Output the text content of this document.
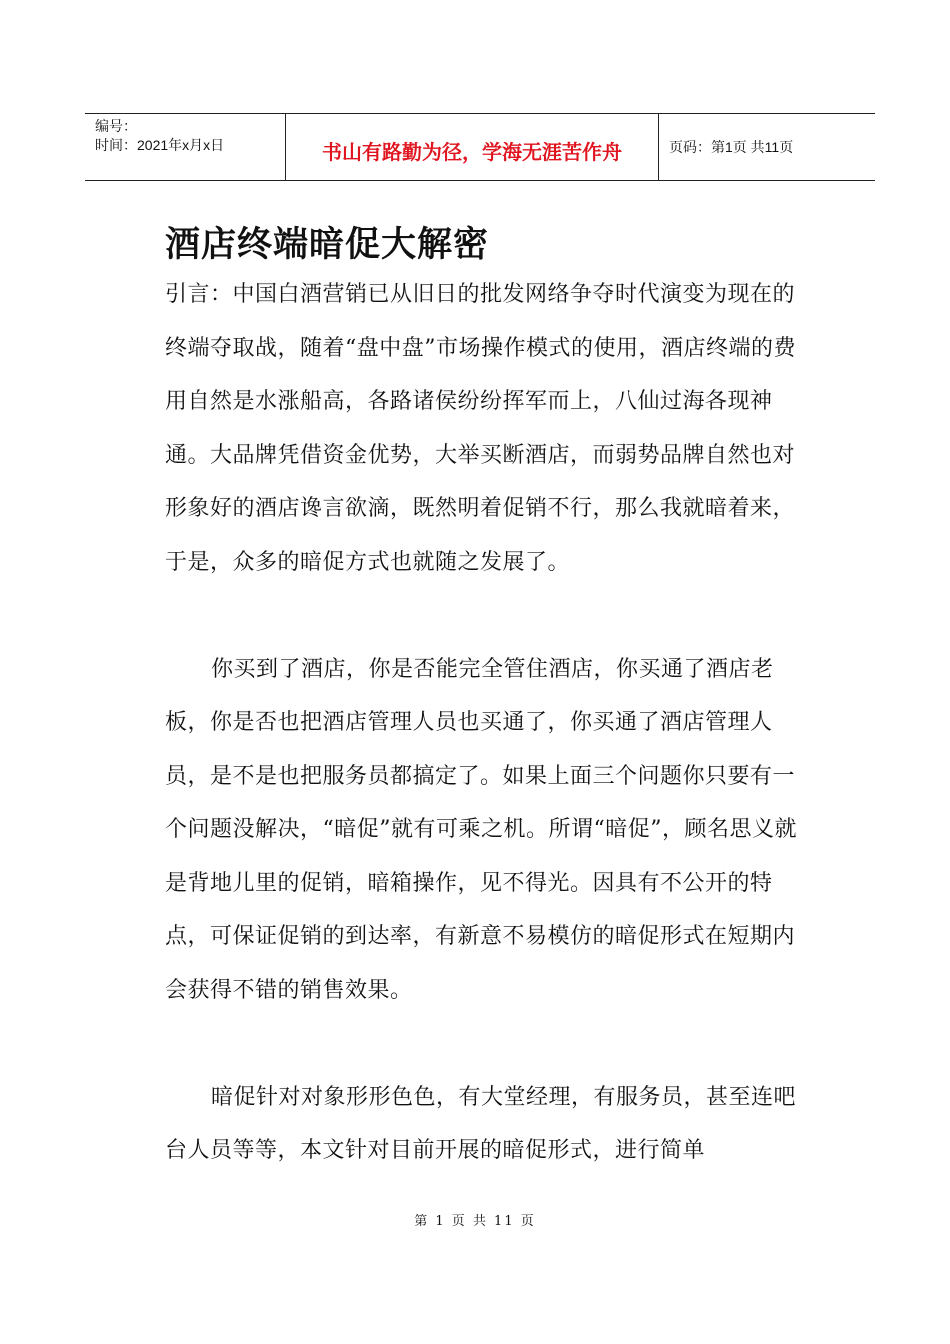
编号：
时间：2021年x月x日	书山有路勤为径，学海无涯苦作舟	页码：第1页 共11页
酒店终端暗促大解密

引言：中国白酒营销已从旧日的批发网络争夺时代演变为现在的终端夺取战，随着“盘中盘”市场操作模式的使用，酒店终端的费用自然是水涨船高，各路诸侯纷纷挥军而上，八仙过海各现神通。大品牌凭借资金优势，大举买断酒店，而弱势品牌自然也对形象好的酒店谗言欲滴，既然明着促销不行，那么我就暗着来，于是，众多的暗促方式也就随之发展了。

你买到了酒店，你是否能完全管住酒店，你买通了酒店老板，你是否也把酒店管理人员也买通了，你买通了酒店管理人员，是不是也把服务员都搞定了。如果上面三个问题你只要有一个问题没解决，“暗促”就有可乘之机。所谓“暗促”，顾名思义就是背地儿里的促销，暗箱操作，见不得光。因具有不公开的特点，可保证促销的到达率，有新意不易模仿的暗促形式在短期内会获得不错的销售效果。

暗促针对对象形形色色，有大堂经理，有服务员，甚至连吧台人员等等，本文针对目前开展的暗促形式，进行简单

第 1 页 共 11 页
